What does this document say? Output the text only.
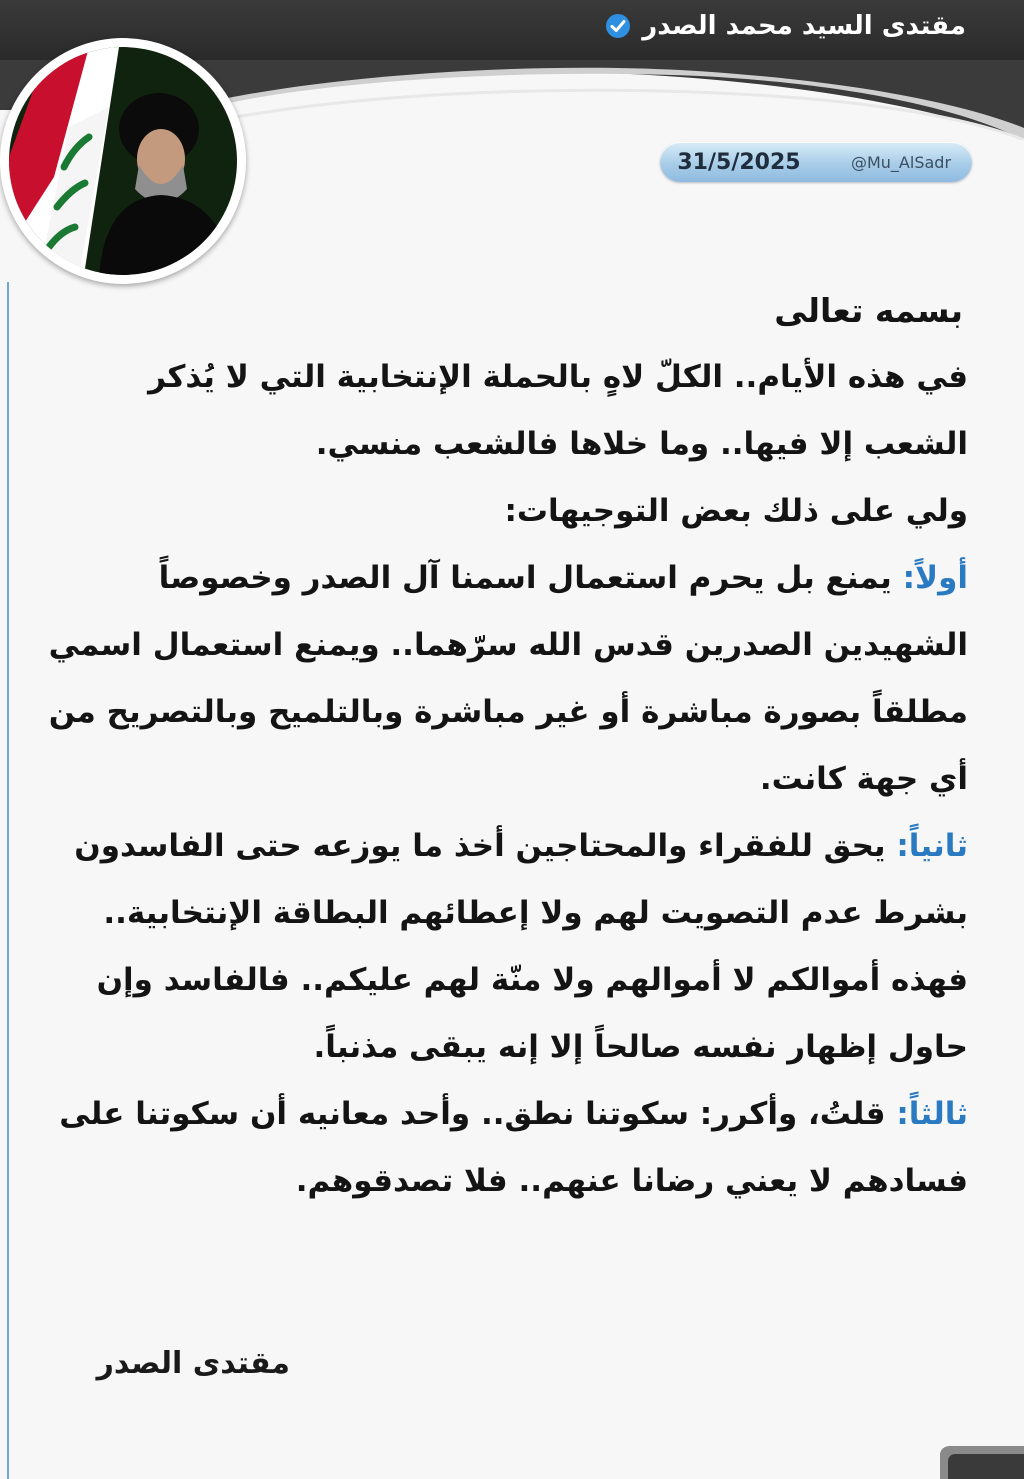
مقتدى السيد محمد الصدر
31/5/2025	@Mu_AlSadr
بسمه تعالى

في هذه الأيام.. الكلّ لاهٍ بالحملة الإنتخابية التي لا يُذكر الشعب إلا فيها.. وما خلاها فالشعب منسي.

ولي على ذلك بعض التوجيهات:

أولاً: يمنع بل يحرم استعمال اسمنا آل الصدر وخصوصاً الشهيدين الصدرين قدس الله سرّهما.. ويمنع استعمال اسمي مطلقاً بصورة مباشرة أو غير مباشرة وبالتلميح وبالتصريح من أي جهة كانت.

ثانياً: يحق للفقراء والمحتاجين أخذ ما يوزعه حتى الفاسدون بشرط عدم التصويت لهم ولا إعطائهم البطاقة الإنتخابية.. فهذه أموالكم لا أموالهم ولا منّة لهم عليكم.. فالفاسد وإن حاول إظهار نفسه صالحاً إلا إنه يبقى مذنباً.

ثالثاً: قلتُ، وأكرر: سكوتنا نطق.. وأحد معانيه أن سكوتنا على فسادهم لا يعني رضانا عنهم.. فلا تصدقوهم.

مقتدى الصدر
